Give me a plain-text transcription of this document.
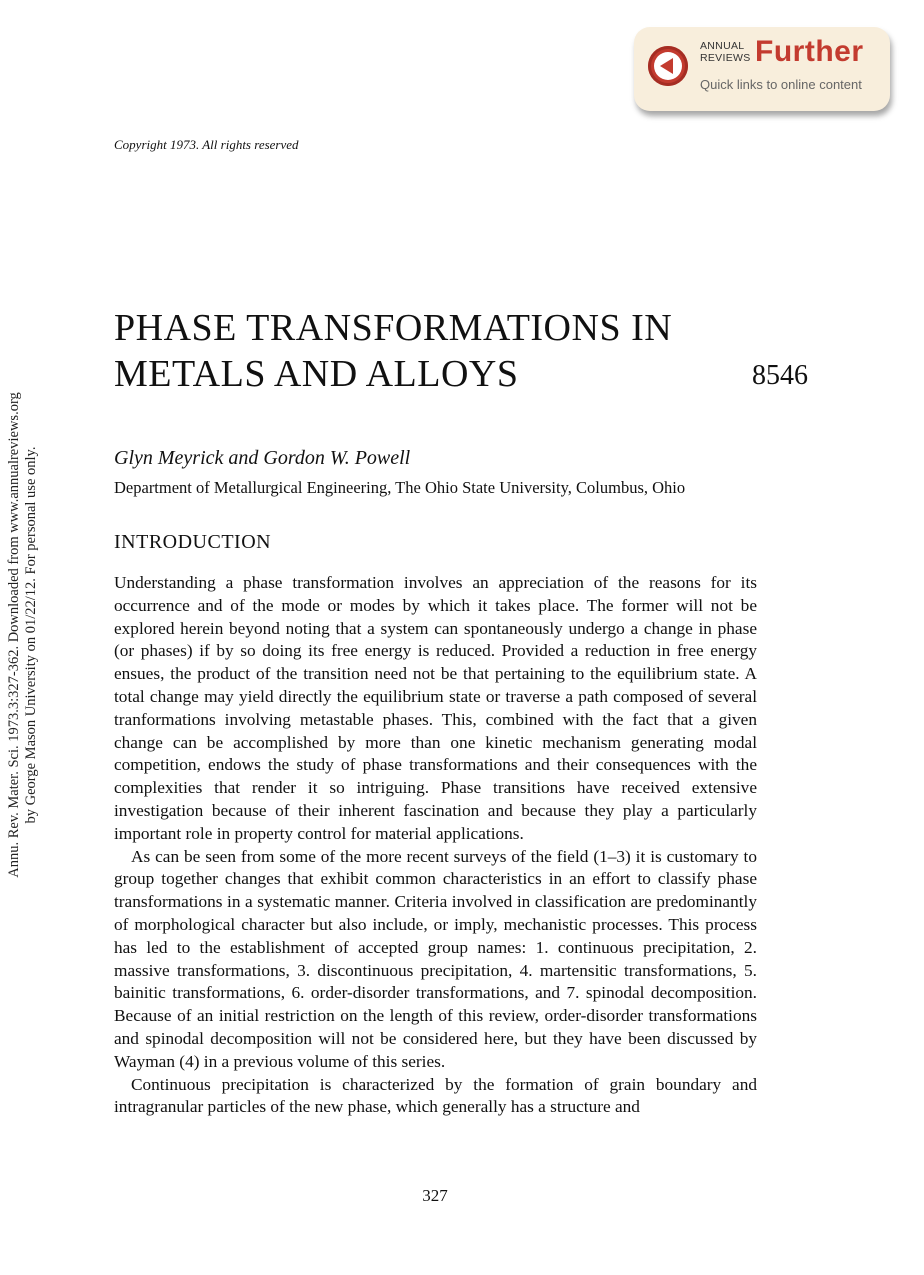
Annu. Rev. Mater. Sci. 1973.3:327-362. Downloaded from www.annualreviews.org by George Mason University on 01/22/12. For personal use only.
ANNUAL
REVIEWS Further
Quick links to online content
Copyright 1973. All rights reserved
PHASE TRANSFORMATIONS IN
METALS AND ALLOYS	8546
Glyn Meyrick and Gordon W. Powell
Department of Metallurgical Engineering, The Ohio State University, Columbus, Ohio
INTRODUCTION

Understanding a phase transformation involves an appreciation of the reasons for its occurrence and of the mode or modes by which it takes place. The former will not be explored herein beyond noting that a system can spontaneously undergo a change in phase (or phases) if by so doing its free energy is reduced. Provided a reduction in free energy ensues, the product of the transition need not be that pertaining to the equilibrium state. A total change may yield directly the equilibrium state or traverse a path composed of several tranformations involving metastable phases. This, combined with the fact that a given change can be accomplished by more than one kinetic mechanism generating modal competition, endows the study of phase transformations and their consequences with the complexities that render it so intriguing. Phase transitions have received extensive investigation because of their inherent fascination and because they play a particularly important role in property control for material applications.

As can be seen from some of the more recent surveys of the field (1–3) it is customary to group together changes that exhibit common characteristics in an effort to classify phase transformations in a systematic manner. Criteria involved in classification are predominantly of morphological character but also include, or imply, mechanistic processes. This process has led to the establishment of accepted group names: 1. continuous precipitation, 2. massive transformations, 3. discontinuous precipitation, 4. martensitic transformations, 5. bainitic transformations, 6. order-disorder transformations, and 7. spinodal decomposition. Because of an initial restriction on the length of this review, order-disorder transformations and spinodal decomposition will not be considered here, but they have been discussed by Wayman (4) in a previous volume of this series.

Continuous precipitation is characterized by the formation of grain boundary and intragranular particles of the new phase, which generally has a structure and

327
